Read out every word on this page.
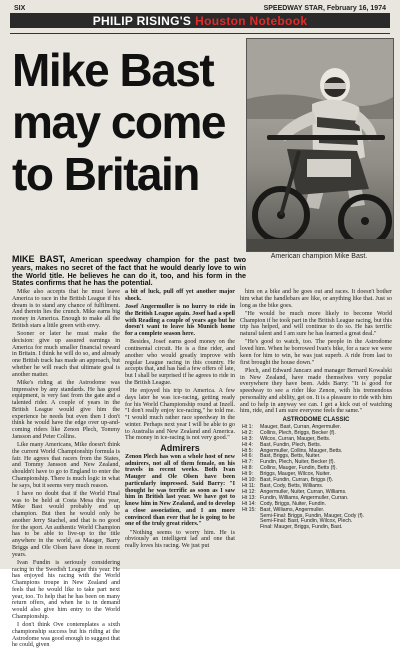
SIX	SPEEDWAY STAR, February 16, 1974
PHILIP RISING'S Houston Notebook
Mike Bast
may come
to Britain
American champion Mike Bast.
MIKE BAST, American speedway champion for the past two years, makes no secret of the fact that he would dearly love to win the World title. He believes he can do it, too, and his form in the States confirms that he has the potential.

Mike also accepts that he must leave America to race in the British League if his dream is to stand any chance of fulfilment. And therein lies the crunch. Mike earns big money in America. Enough to make all the British stars a little green with envy.

Sooner or later he must make the decision: give up assured earnings in America for much smaller financial reward in Britain. I think he will do so, and already one British track has made an approach, but whether he will reach that ultimate goal is another matter.

Mike's riding at the Astrodome was impressive by any standards. He has good equipment, is very fast from the gate and a talented rider. A couple of years in the British League would give him the experience he needs but even then I don't think he would have the edge over up-and-coming riders like Zenon Plech, Tommy Jansson and Peter Collins.

Like many Americans, Mike doesn't think the current World Championship formula is fair. He agrees that racers from the States, and Tommy Jansson and New Zealand, shouldn't have to go to England to enter the Championship. There is much logic in what he says, but it seems very much reason.

I have no doubt that if the World Final was to be held at Costa Mesa this year, Mike Bast would probably end up champion. But then he would only be another Jerry Stachel, and that is no good for the sport. An authentic World Champion has to be able to live-up to the title anywhere in the world, as Mauger, Barry Briggs and Ole Olsen have done in recent years.

Ivan Fundin is seriously considering racing in the Swedish League this year. He has enjoyed his racing with the World Champions troupe in New Zealand and feels that he would like to take part next year, too. To help that he has been on many return offers, and when he is in demand would also give him entry to the World Championship.

I don't think Ove contemplates a sixth championship success but his riding at the Astrodome was good enough to suggest that he could, given

a bit of luck, pull off yet another major shock.

Josef Angermuller is no hurry to ride in the British League again. Josef had a spell with Reading a couple of years ago but he doesn't want to leave his Munich home for a complete season here.

Besides, Josef earns good money on the continental circuit. He is a fine rider, and another who would greatly improve with regular League racing in this country. He accepts that, and has had a few offers of late, but I shall be surprised if he agrees to ride in the British League.

He enjoyed his trip to America. A few days later he was ice-racing, getting ready for his World Championship round at Inzell. "I don't really enjoy ice-racing," he told me. "I would much rather race speedway in the winter. Perhaps next year I will be able to go to Australia and New Zealand and America. The money in ice-racing is not very good."

Admirers

Zenon Plech has won a whole host of new admirers, not all of them female, on his travels in recent weeks. Both Ivan Mauger and Ole Olsen have been particularly impressed. Said Barry: "I thought he was terrific as soon as I saw him in British last year. We have got to know him in New Zealand, and to develop a close association, and I am more convinced than ever that he is going to be one of the truly great riders."

"Nothing seems to worry him. He is obviously an intelligent lad and one that really loves his racing. We just put

him on a bike and he goes out and races. It doesn't bother him what the handlebars are like, or anything like that. Just so long as the bike goes.

"He would be much more likely to become World Champion if he took part in the British League racing, but this trip has helped, and will continue to do so. He has terrific natural talent and I am sure he has learned a great deal."

"He's good to watch, too. The people in the Astrodome loved him. When he borrowed Ivan's bike, for a race we were keen for him to win, he was just superb. A ride from last to first brought the house down."

Plech, and Edward Jancarz and manager Bernard Kowalski in New Zealand, have made themselves very popular everywhere they have been. Adds Barry: "It is good for speedway to see a rider like Zenon, with his tremendous personality and ability, get on. It is a pleasure to ride with him and to help in anyway we can. I get a kick out of watching him, ride, and I am sure everyone feels the same."

ASTRODOME CLASSIC
Ht 1:	Mauger, Bast, Curran, Angermuller.
Ht 2:	Collins, Plech, Briggs, Becker (f).
Ht 3:	Wilcox, Curran, Mauger, Betts.
Ht 4:	Bast, Fundin, Plech, Betts.
Ht 5:	Angermuller, Collins, Mauger, Betts.
Ht 6:	Bast, Briggs, Betts, Nuiter.
Ht 7:	Fundin, Plech, Nuiter, Becker (f).
Ht 8:	Collins, Mauger, Fundin, Betts (f).
Ht 9:	Briggs, Mauger, Wilcox, Nuiter.
Ht 10: Bast, Fundin, Curran, Briggs (f).
Ht 11: Bast, Cody, Betts, Williams.
Ht 12: Angermuller, Nuiter, Curran, Williams.
Ht 13: Fundin, Williams, Angermuller, Curran.
Ht 14: Cody, Briggs, Nuiter, Fundin.
Ht 15: Bast, Williams, Angermuller.
Semi-Final: Briggs, Fundin, Mauger, Cody (f).
Semi-Final: Bast, Fundin, Wilcox, Plech.
Final: Mauger, Briggs, Fundin, Bast.
